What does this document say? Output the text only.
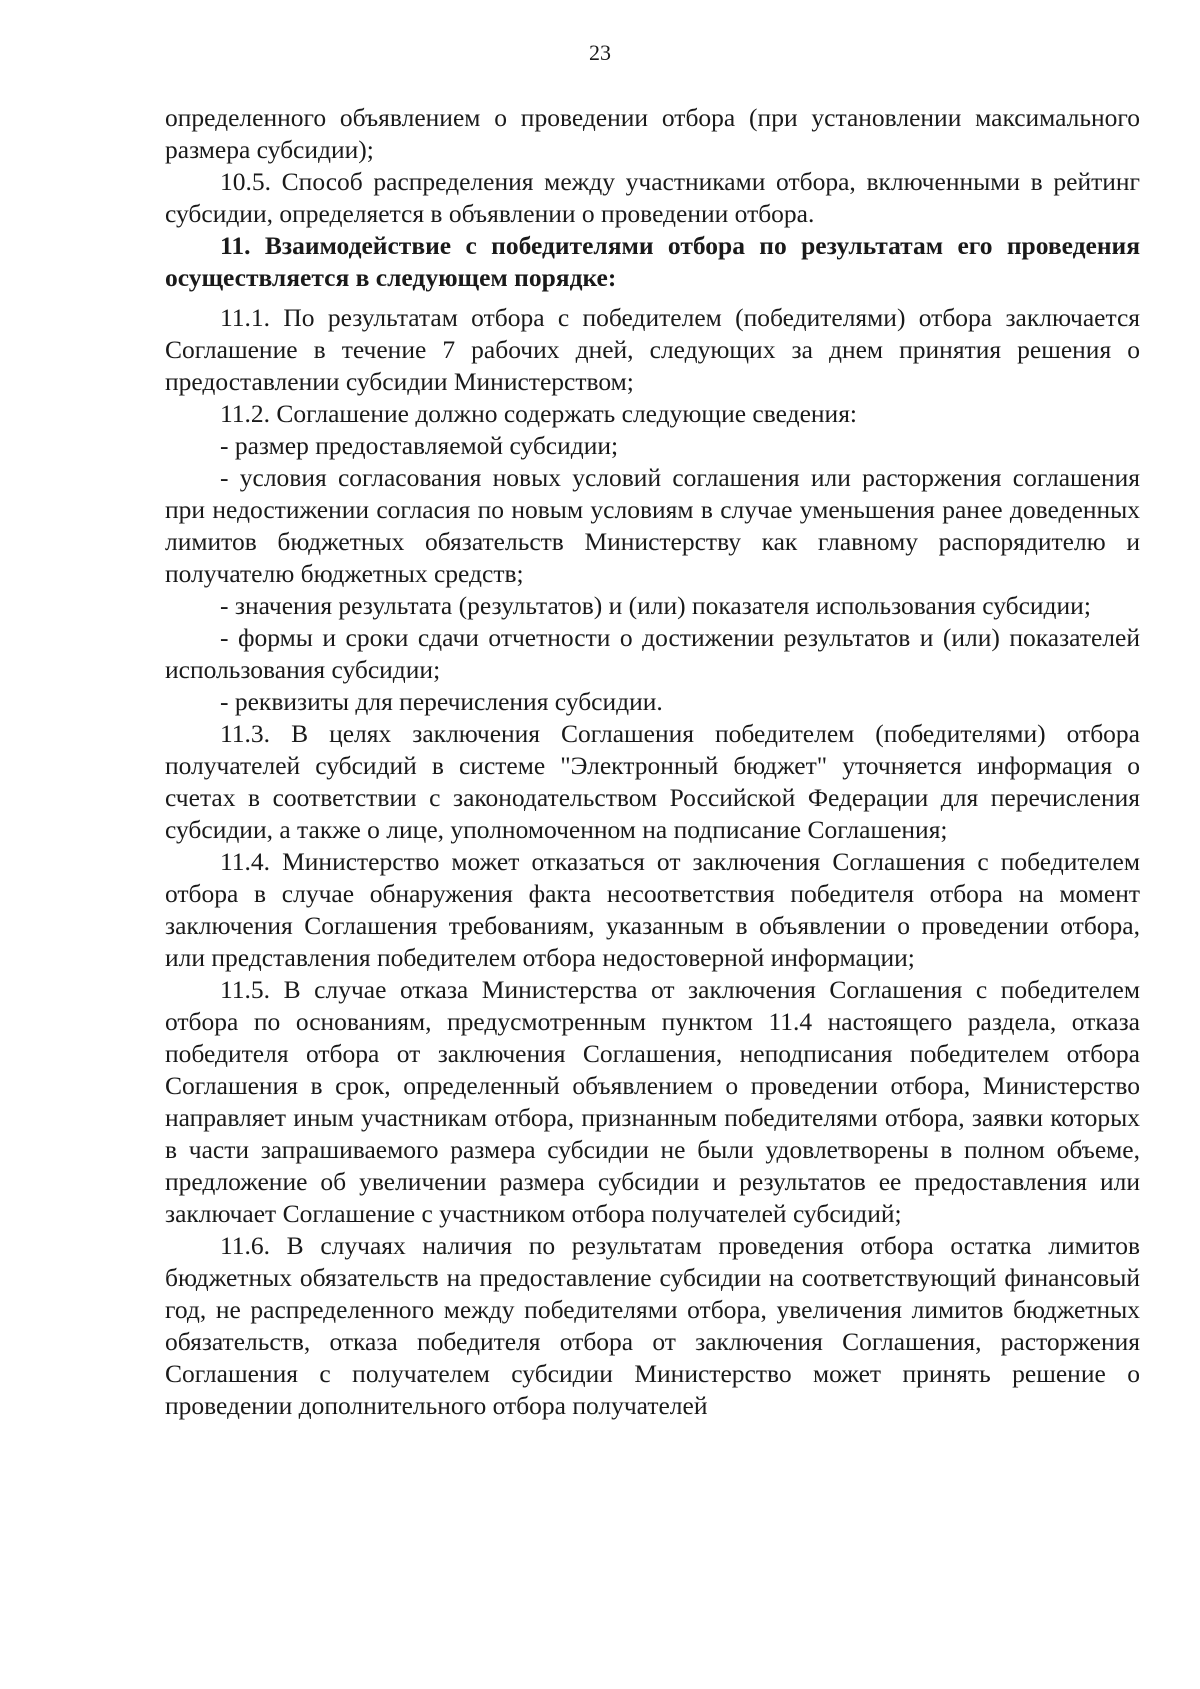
23

определенного объявлением о проведении отбора (при установлении максимального размера субсидии);

10.5. Способ распределения между участниками отбора, включенными в рейтинг субсидии, определяется в объявлении о проведении отбора.

11. Взаимодействие с победителями отбора по результатам его проведения осуществляется в следующем порядке:

11.1. По результатам отбора с победителем (победителями) отбора заключается Соглашение в течение 7 рабочих дней, следующих за днем принятия решения о предоставлении субсидии Министерством;

11.2. Соглашение должно содержать следующие сведения:

- размер предоставляемой субсидии;

- условия согласования новых условий соглашения или расторжения соглашения при недостижении согласия по новым условиям в случае уменьшения ранее доведенных лимитов бюджетных обязательств Министерству как главному распорядителю и получателю бюджетных средств;

- значения результата (результатов) и (или) показателя использования субсидии;

- формы и сроки сдачи отчетности о достижении результатов и (или) показателей использования субсидии;

- реквизиты для перечисления субсидии.

11.3. В целях заключения Соглашения победителем (победителями) отбора получателей субсидий в системе "Электронный бюджет" уточняется информация о счетах в соответствии с законодательством Российской Федерации для перечисления субсидии, а также о лице, уполномоченном на подписание Соглашения;

11.4. Министерство может отказаться от заключения Соглашения с победителем отбора в случае обнаружения факта несоответствия победителя отбора на момент заключения Соглашения требованиям, указанным в объявлении о проведении отбора, или представления победителем отбора недостоверной информации;

11.5. В случае отказа Министерства от заключения Соглашения с победителем отбора по основаниям, предусмотренным пунктом 11.4 настоящего раздела, отказа победителя отбора от заключения Соглашения, неподписания победителем отбора Соглашения в срок, определенный объявлением о проведении отбора, Министерство направляет иным участникам отбора, признанным победителями отбора, заявки которых в части запрашиваемого размера субсидии не были удовлетворены в полном объеме, предложение об увеличении размера субсидии и результатов ее предоставления или заключает Соглашение с участником отбора получателей субсидий;

11.6. В случаях наличия по результатам проведения отбора остатка лимитов бюджетных обязательств на предоставление субсидии на соответствующий финансовый год, не распределенного между победителями отбора, увеличения лимитов бюджетных обязательств, отказа победителя отбора от заключения Соглашения, расторжения Соглашения с получателем субсидии Министерство может принять решение о проведении дополнительного отбора получателей
